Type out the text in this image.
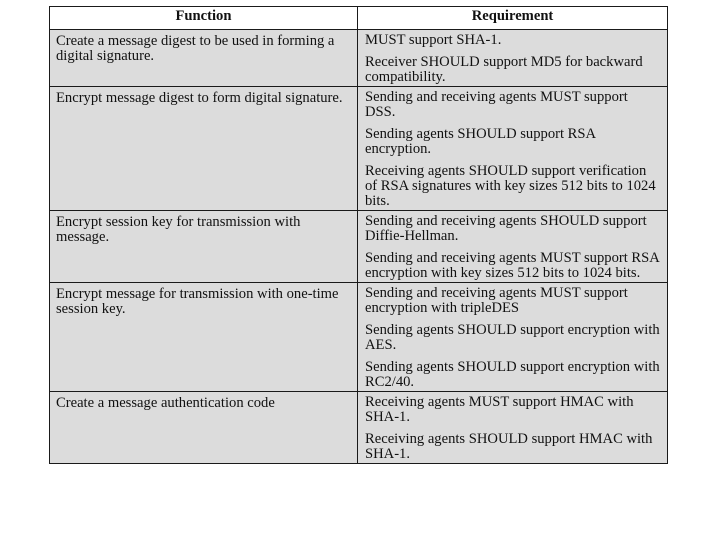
Function	Requirement
Create a message digest to be used in forming a digital signature.	MUST support SHA-1.
Receiver SHOULD support MD5 for backward compatibility.

Encrypt message digest to form digital signature.	Sending and receiving agents MUST support DSS.
Sending agents SHOULD support RSA encryption.
Receiving agents SHOULD support verification of RSA signatures with key sizes 512 bits to 1024 bits.

Encrypt session key for transmission with message.	Sending and receiving agents SHOULD support Diffie-Hellman.
Sending and receiving agents MUST support RSA encryption with key sizes 512 bits to 1024 bits.

Encrypt message for transmission with one-time session key.	Sending and receiving agents MUST support encryption with tripleDES
Sending agents SHOULD support encryption with AES.
Sending agents SHOULD support encryption with RC2/40.

Create a message authentication code	Receiving agents MUST support HMAC with SHA-1.
Receiving agents SHOULD support HMAC with SHA-1.
